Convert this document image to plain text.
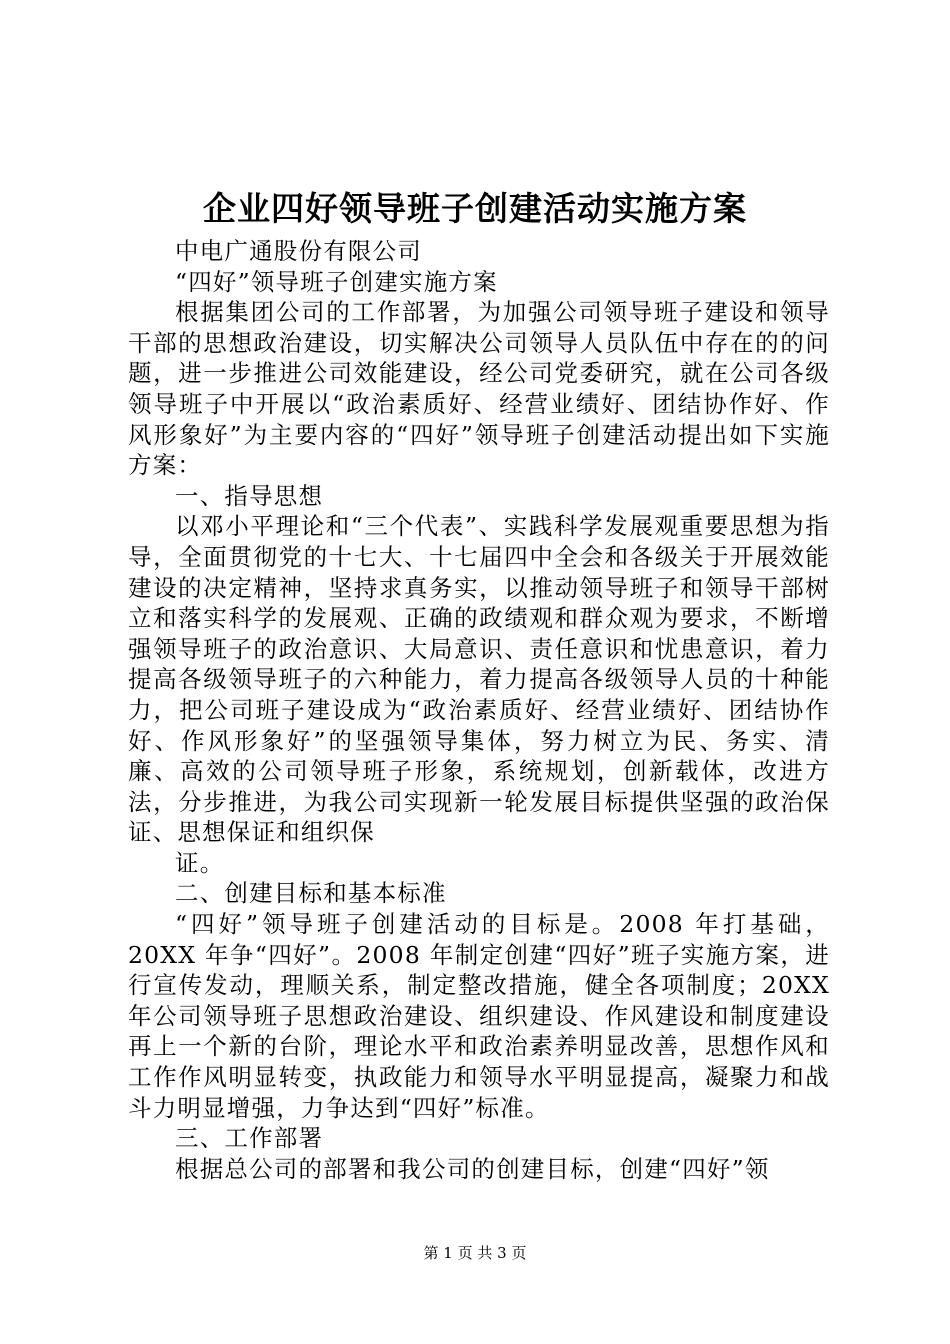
企业四好领导班子创建活动实施方案

中电广通股份有限公司

“四好”领导班子创建实施方案

根据集团公司的工作部署，为加强公司领导班子建设和领导干部的思想政治建设，切实解决公司领导人员队伍中存在的的问题，进一步推进公司效能建设，经公司党委研究，就在公司各级领导班子中开展以“政治素质好、经营业绩好、团结协作好、作风形象好”为主要内容的“四好”领导班子创建活动提出如下实施方案：

一、指导思想

以邓小平理论和“三个代表”、实践科学发展观重要思想为指导，全面贯彻党的十七大、十七届四中全会和各级关于开展效能建设的决定精神，坚持求真务实，以推动领导班子和领导干部树立和落实科学的发展观、正确的政绩观和群众观为要求，不断增强领导班子的政治意识、大局意识、责任意识和忧患意识，着力提高各级领导班子的六种能力，着力提高各级领导人员的十种能力，把公司班子建设成为“政治素质好、经营业绩好、团结协作好、作风形象好”的坚强领导集体，努力树立为民、务实、清廉、高效的公司领导班子形象，系统规划，创新载体，改进方法，分步推进，为我公司实现新一轮发展目标提供坚强的政治保证、思想保证和组织保

证。

二、创建目标和基本标准

“四好”领导班子创建活动的目标是。2008 年打基础，20XX 年争“四好”。2008 年制定创建“四好”班子实施方案，进行宣传发动，理顺关系，制定整改措施，健全各项制度；20XX 年公司领导班子思想政治建设、组织建设、作风建设和制度建设再上一个新的台阶，理论水平和政治素养明显改善，思想作风和工作作风明显转变，执政能力和领导水平明显提高，凝聚力和战斗力明显增强，力争达到“四好”标准。

三、工作部署

根据总公司的部署和我公司的创建目标，创建“四好”领

第 1 页 共 3 页
